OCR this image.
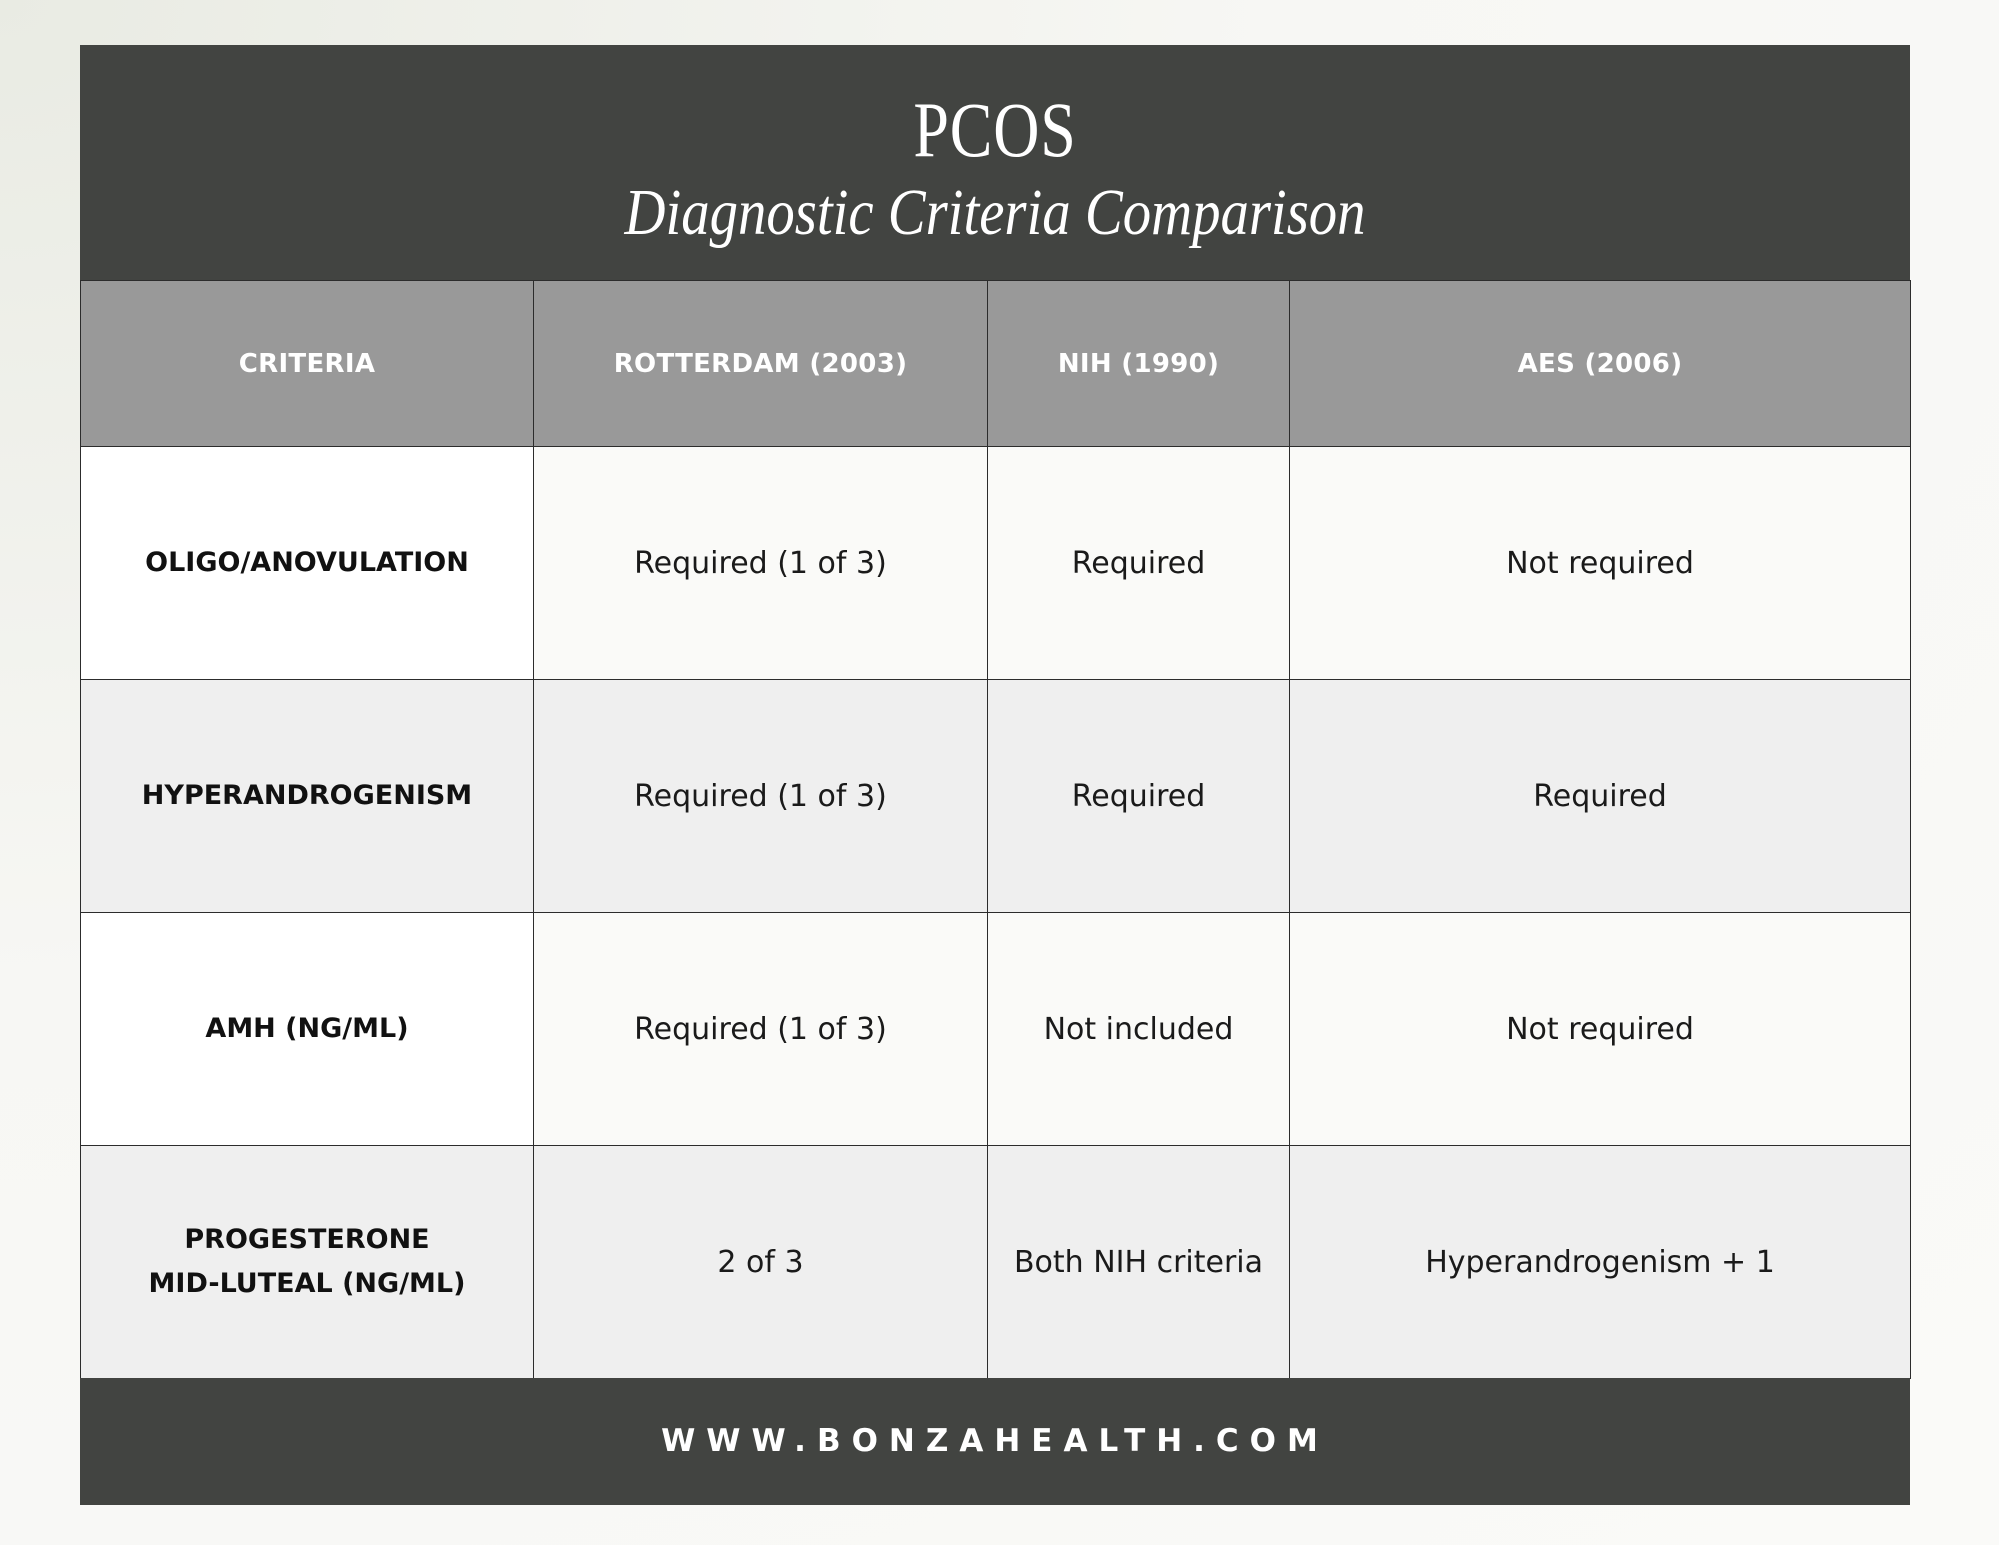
PCOS
Diagnostic Criteria Comparison
CRITERIA	ROTTERDAM (2003)	NIH (1990)	AES (2006)

OLIGO/ANOVULATION	Required (1 of 3)	Required	Not required

HYPERANDROGENISM	Required (1 of 3)	Required	Required

AMH (NG/ML)	Required (1 of 3)	Not included	Not required

PROGESTERONE
MID-LUTEAL (NG/ML)	2 of 3	Both NIH criteria	Hyperandrogenism + 1
WWW.BONZAHEALTH.COM
